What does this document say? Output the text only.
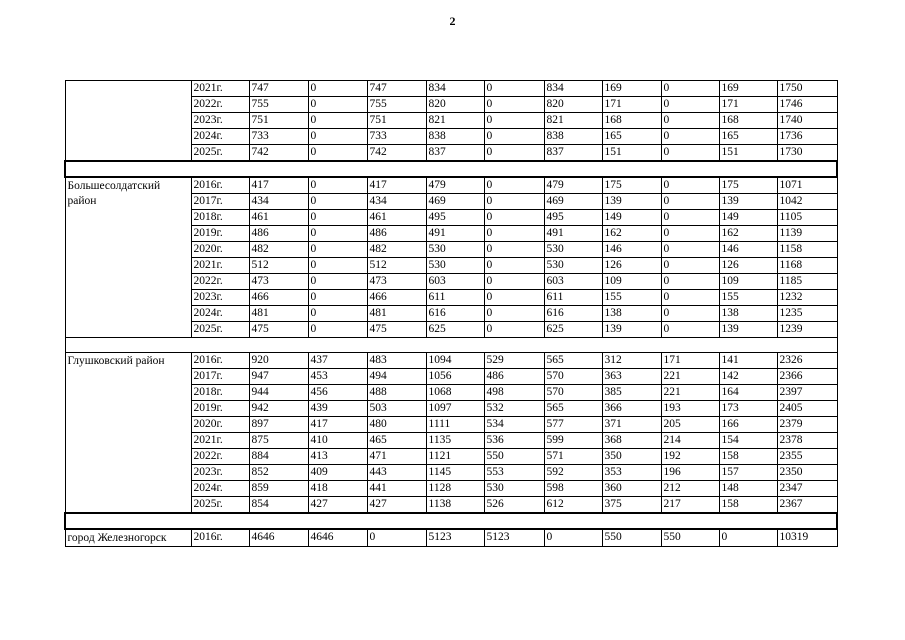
2
	2021г.	747	0	747	834	0	834	169	0	169	1750
	2022г.	755	0	755	820	0	820	171	0	171	1746
	2023г.	751	0	751	821	0	821	168	0	168	1740
	2024г.	733	0	733	838	0	838	165	0	165	1736
	2025г.	742	0	742	837	0	837	151	0	151	1730

Большесолдатский район	2016г.	417	0	417	479	0	479	175	0	175	1071
	2017г.	434	0	434	469	0	469	139	0	139	1042
	2018г.	461	0	461	495	0	495	149	0	149	1105
	2019г.	486	0	486	491	0	491	162	0	162	1139
	2020г.	482	0	482	530	0	530	146	0	146	1158
	2021г.	512	0	512	530	0	530	126	0	126	1168
	2022г.	473	0	473	603	0	603	109	0	109	1185
	2023г.	466	0	466	611	0	611	155	0	155	1232
	2024г.	481	0	481	616	0	616	138	0	138	1235
	2025г.	475	0	475	625	0	625	139	0	139	1239

Глушковский район	2016г.	920	437	483	1094	529	565	312	171	141	2326
	2017г.	947	453	494	1056	486	570	363	221	142	2366
	2018г.	944	456	488	1068	498	570	385	221	164	2397
	2019г.	942	439	503	1097	532	565	366	193	173	2405
	2020г.	897	417	480	1111	534	577	371	205	166	2379
	2021г.	875	410	465	1135	536	599	368	214	154	2378
	2022г.	884	413	471	1121	550	571	350	192	158	2355
	2023г.	852	409	443	1145	553	592	353	196	157	2350
	2024г.	859	418	441	1128	530	598	360	212	148	2347
	2025г.	854	427	427	1138	526	612	375	217	158	2367

город Железногорск	2016г.	4646	4646	0	5123	5123	0	550	550	0	10319
